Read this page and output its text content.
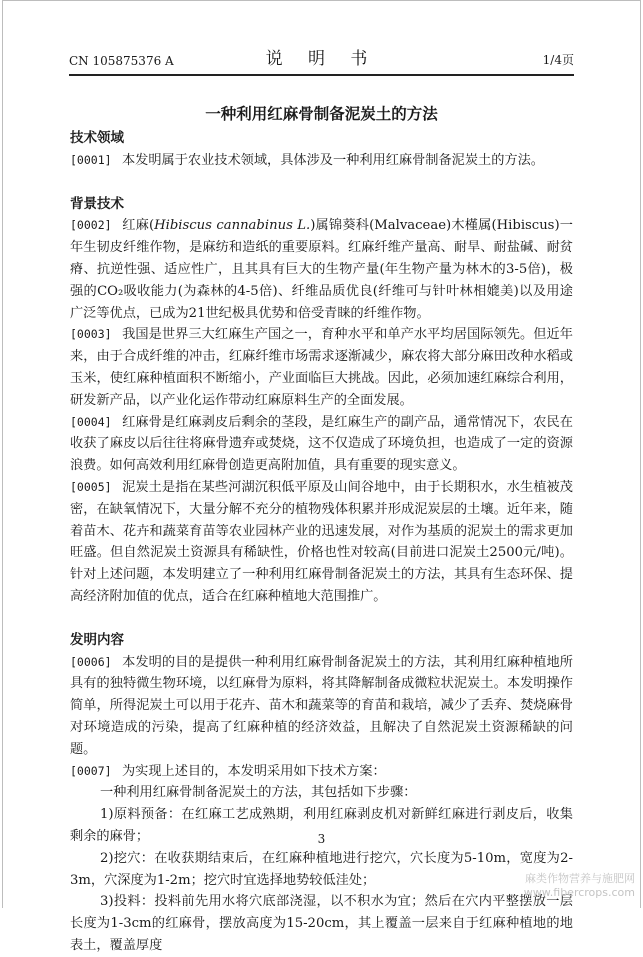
CN 105875376 A	说 明 书	1/4页
一种利用红麻骨制备泥炭土的方法
技术领域
[0001] 本发明属于农业技术领域，具体涉及一种利用红麻骨制备泥炭土的方法。
背景技术
[0002] 红麻(Hibiscus cannabinus L.)属锦葵科(Malvaceae)木槿属(Hibiscus)一年生韧皮纤维作物，是麻纺和造纸的重要原料。红麻纤维产量高、耐旱、耐盐碱、耐贫瘠、抗逆性强、适应性广，且其具有巨大的生物产量(年生物产量为林木的3-5倍)，极强的CO₂吸收能力(为森林的4-5倍)、纤维品质优良(纤维可与针叶林相媲美)以及用途广泛等优点，已成为21世纪极具优势和倍受青睐的纤维作物。
[0003] 我国是世界三大红麻生产国之一，育种水平和单产水平均居国际领先。但近年来，由于合成纤维的冲击，红麻纤维市场需求逐渐减少，麻农将大部分麻田改种水稻或玉米，使红麻种植面积不断缩小，产业面临巨大挑战。因此，必须加速红麻综合利用，研发新产品，以产业化运作带动红麻原料生产的全面发展。
[0004] 红麻骨是红麻剥皮后剩余的茎段，是红麻生产的副产品，通常情况下，农民在收获了麻皮以后往往将麻骨遗弃或焚烧，这不仅造成了环境负担，也造成了一定的资源浪费。如何高效利用红麻骨创造更高附加值，具有重要的现实意义。
[0005] 泥炭土是指在某些河湖沉积低平原及山间谷地中，由于长期积水，水生植被茂密，在缺氧情况下，大量分解不充分的植物残体积累并形成泥炭层的土壤。近年来，随着苗木、花卉和蔬菜育苗等农业园林产业的迅速发展，对作为基质的泥炭土的需求更加旺盛。但自然泥炭土资源具有稀缺性，价格也性对较高(目前进口泥炭土2500元/吨)。针对上述问题，本发明建立了一种利用红麻骨制备泥炭土的方法，其具有生态环保、提高经济附加值的优点，适合在红麻种植地大范围推广。
发明内容
[0006] 本发明的目的是提供一种利用红麻骨制备泥炭土的方法，其利用红麻种植地所具有的独特微生物环境，以红麻骨为原料，将其降解制备成微粒状泥炭土。本发明操作简单，所得泥炭土可以用于花卉、苗木和蔬菜等的育苗和栽培，减少了丢弃、焚烧麻骨对环境造成的污染，提高了红麻种植的经济效益，且解决了自然泥炭土资源稀缺的问题。
[0007] 为实现上述目的，本发明采用如下技术方案：
一种利用红麻骨制备泥炭土的方法，其包括如下步骤：
1)原料预备：在红麻工艺成熟期，利用红麻剥皮机对新鲜红麻进行剥皮后，收集剩余的麻骨；
2)挖穴：在收获期结束后，在红麻种植地进行挖穴，穴长度为5-10m，宽度为2-3m，穴深度为1-2m；挖穴时宜选择地势较低洼处；
3)投料：投料前先用水将穴底部浇湿，以不积水为宜；然后在穴内平整摆放一层长度为1-3cm的红麻骨，摆放高度为15-20cm，其上覆盖一层来自于红麻种植地的地表土，覆盖厚度
3
麻类作物营养与施肥网
www.fibercrops.com
